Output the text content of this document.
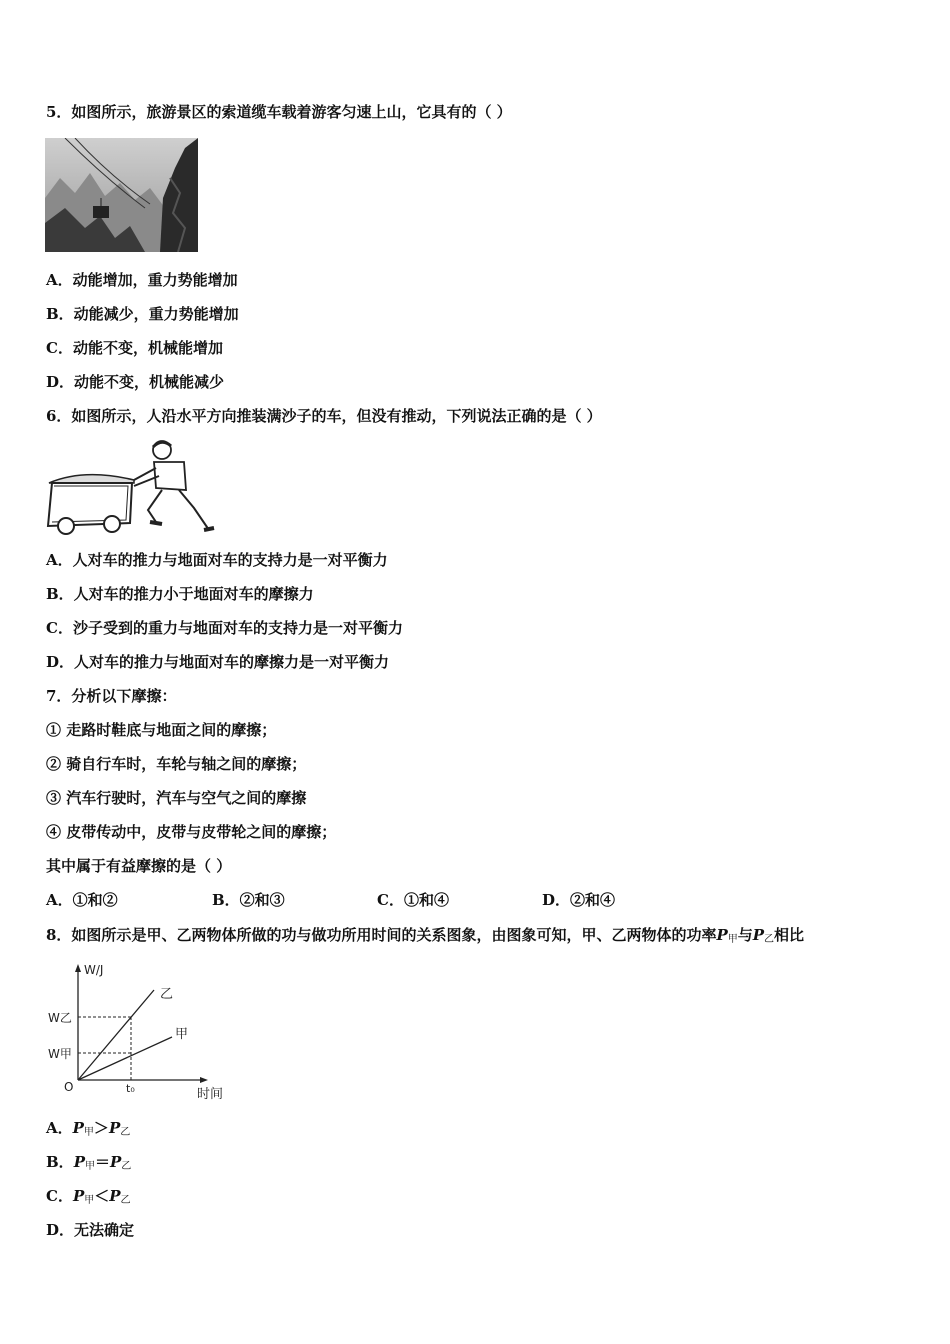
5．如图所示，旅游景区的索道缆车载着游客匀速上山，它具有的（ ）
A．动能增加，重力势能增加
B．动能减少，重力势能增加
C．动能不变，机械能增加
D．动能不变，机械能减少
6．如图所示，人沿水平方向推装满沙子的车，但没有推动，下列说法正确的是（ ）
A．人对车的推力与地面对车的支持力是一对平衡力
B．人对车的推力小于地面对车的摩擦力
C．沙子受到的重力与地面对车的支持力是一对平衡力
D．人对车的推力与地面对车的摩擦力是一对平衡力
7．分析以下摩擦：
① 走路时鞋底与地面之间的摩擦；
② 骑自行车时，车轮与轴之间的摩擦；
③ 汽车行驶时，汽车与空气之间的摩擦
④ 皮带传动中，皮带与皮带轮之间的摩擦；
其中属于有益摩擦的是（ ）
A．①和②	B．②和③	C．①和④	D．②和④
8．如图所示是甲、乙两物体所做的功与做功所用时间的关系图象，由图象可知，甲、乙两物体的功率$P_甲$与$P_乙$相比
W/J
W乙
W甲
O	t₀	时间
乙
甲
A．$P_甲>P_乙$
B．$P_甲=P_乙$
C．$P_甲<P_乙$
D．无法确定
